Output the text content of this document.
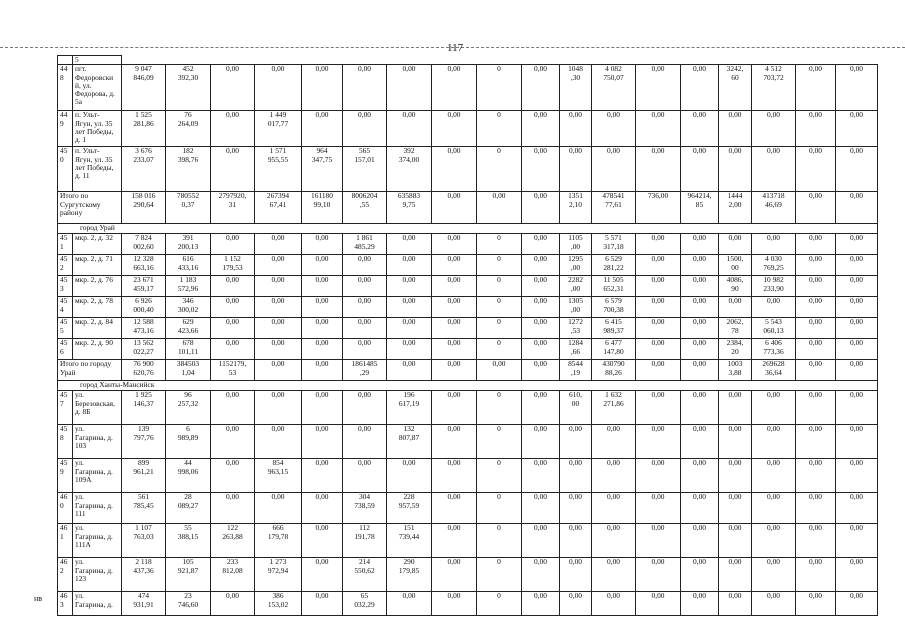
117
	5																		
44
8	пгт.
Федоровски
й, ул.
Федорова, д.
5а	9 047
846,09	452
392,30	0,00	0,00	0,00	0,00	0,00	0,00	0	0,00	1048
,30	4 082
750,07	0,00	0,00	3242,
60	4 512
703,72	0,00	0,00
44
9	п. Ульт-
Ягун, ул. 35
лет Победы,
д. 1	1 525
281,86	76
264,09	0,00	1 449
017,77	0,00	0,00	0,00	0,00	0	0,00	0,00	0,00	0,00	0,00	0,00	0,00	0,00	0,00
45
0	п. Ульт-
Ягун, ул. 35
лет Победы,
д. 11	3 676
233,07	182
398,76	0,00	1 571
955,55	964
347,75	565
157,01	392
374,00	0,00	0	0,00	0,00	0,00	0,00	0,00	0,00	0,00	0,00	0,00
Итого по
Сургутскому
району		158 016
290,64	780552
0,37	2797920,
31	267394
67,41	161180
99,10	8006204
,55	635883
9,75	0,00	0,00	0,00	1351
2,10	478541
77,61	736,00	964214,
85	1444
2,00	413718
46,69	0,00	0,00
город Урай																			
45
1	мкр. 2, д. 32	7 824
002,60	391
200,13	0,00	0,00	0,00	1 861
485,29	0,00	0,00	0	0,00	1105
,00	5 571
317,18	0,00	0,00	0,00	0,00	0,00	0,00
45
2	мкр. 2, д. 71	12 328
663,16	616
433,16	1 152
179,53	0,00	0,00	0,00	0,00	0,00	0	0,00	1295
,00	6 529
281,22	0,00	0,00	1500,
00	4 030
769,25	0,00	0,00
45
3	мкр. 2, д. 76	23 671
459,17	1 183
572,96	0,00	0,00	0,00	0,00	0,00	0,00	0	0,00	2282
,00	11 505
652,31	0,00	0,00	4086,
90	10 982
233,90	0,00	0,00
45
4	мкр. 2, д. 78	6 926
000,40	346
300,02	0,00	0,00	0,00	0,00	0,00	0,00	0	0,00	1305
,00	6 579
700,38	0,00	0,00	0,00	0,00	0,00	0,00
45
5	мкр. 2, д. 84	12 588
473,16	629
423,66	0,00	0,00	0,00	0,00	0,00	0,00	0	0,00	1272
,53	6 415
989,37	0,00	0,00	2062,
78	5 543
060,13	0,00	0,00
45
6	мкр. 2, д. 90	13 562
022,27	678
101,11	0,00	0,00	0,00	0,00	0,00	0,00	0	0,00	1284
,66	6 477
147,80	0,00	0,00	2384,
20	6 406
773,36	0,00	0,00
Итого по городу
Урай		76 900
620,76	384503
1,04	1152179,
53	0,00	0,00	1861485
,29	0,00	0,00	0,00	0,00	8544
,19	430790
88,26	0,00	0,00	1003
3,88	269628
36,64	0,00	0,00
город Ханты-Мансийск																			
45
7	ул.
Березовская,
д. 8Б	1 925
146,37	96
257,32	0,00	0,00	0,00	0,00	196
617,19	0,00	0	0,00	610,
00	1 632
271,86	0,00	0,00	0,00	0,00	0,00	0,00
45
8	ул.
Гагарина, д.
103	139
797,76	6
989,89	0,00	0,00	0,00	0,00	132
807,87	0,00	0	0,00	0,00	0,00	0,00	0,00	0,00	0,00	0,00	0,00
45
9	ул.
Гагарина, д.
109А	899
961,21	44
998,06	0,00	854
963,15	0,00	0,00	0,00	0,00	0	0,00	0,00	0,00	0,00	0,00	0,00	0,00	0,00	0,00
46
0	ул.
Гагарина, д.
111	561
785,45	28
089,27	0,00	0,00	0,00	304
738,59	228
957,59	0,00	0	0,00	0,00	0,00	0,00	0,00	0,00	0,00	0,00	0,00
46
1	ул.
Гагарина, д.
111А	1 107
763,03	55
388,15	122
263,88	666
179,78	0,00	112
191,78	151
739,44	0,00	0	0,00	0,00	0,00	0,00	0,00	0,00	0,00	0,00	0,00
46
2	ул.
Гагарина, д.
123	2 118
437,36	105
921,87	233
812,08	1 273
972,94	0,00	214
550,62	290
179,85	0,00	0	0,00	0,00	0,00	0,00	0,00	0,00	0,00	0,00	0,00
46
3	ул.
Гагарина, д.	474
931,91	23
746,60	0,00	386
153,02	0,00	65
032,29	0,00	0,00	0	0,00	0,00	0,00	0,00	0,00	0,00	0,00	0,00	0,00
нв
